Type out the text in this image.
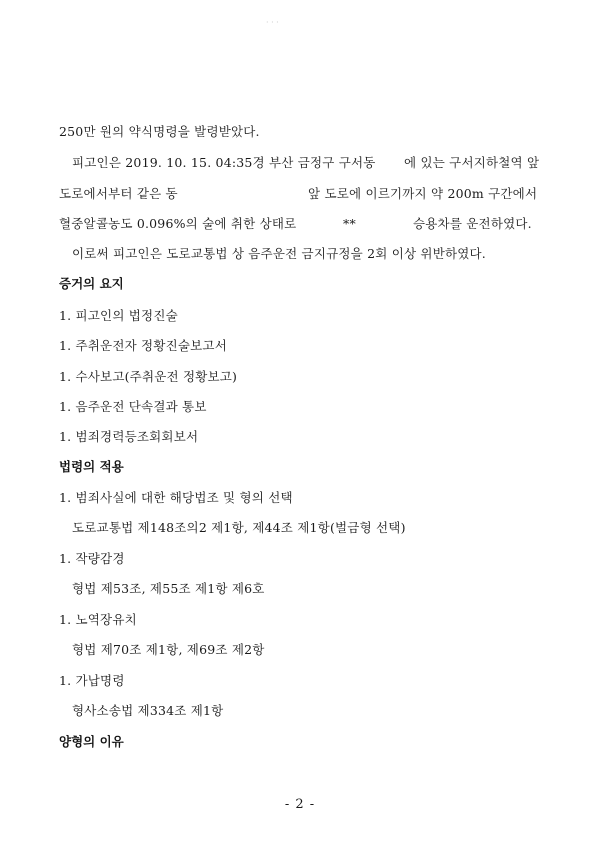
· · ·
250만 원의 약식명령을 발령받았다.
피고인은 2019. 10. 15. 04:35경 부산 금정구 구서동 에 있는 구서지하철역 앞
도로에서부터 같은 동	앞 도로에 이르기까지 약 200m 구간에서
혈중알콜농도 0.096%의 술에 취한 상태로	**	승용차를 운전하였다.
이로써 피고인은 도로교통법 상 음주운전 금지규정을 2회 이상 위반하였다.
증거의 요지
1. 피고인의 법정진술
1. 주취운전자 정황진술보고서
1. 수사보고(주취운전 정황보고)
1. 음주운전 단속결과 통보
1. 범죄경력등조회회보서
법령의 적용
1. 범죄사실에 대한 해당법조 및 형의 선택
도로교통법 제148조의2 제1항, 제44조 제1항(벌금형 선택)
1. 작량감경
형법 제53조, 제55조 제1항 제6호
1. 노역장유치
형법 제70조 제1항, 제69조 제2항
1. 가납명령
형사소송법 제334조 제1항
양형의 이유
- 2 -
